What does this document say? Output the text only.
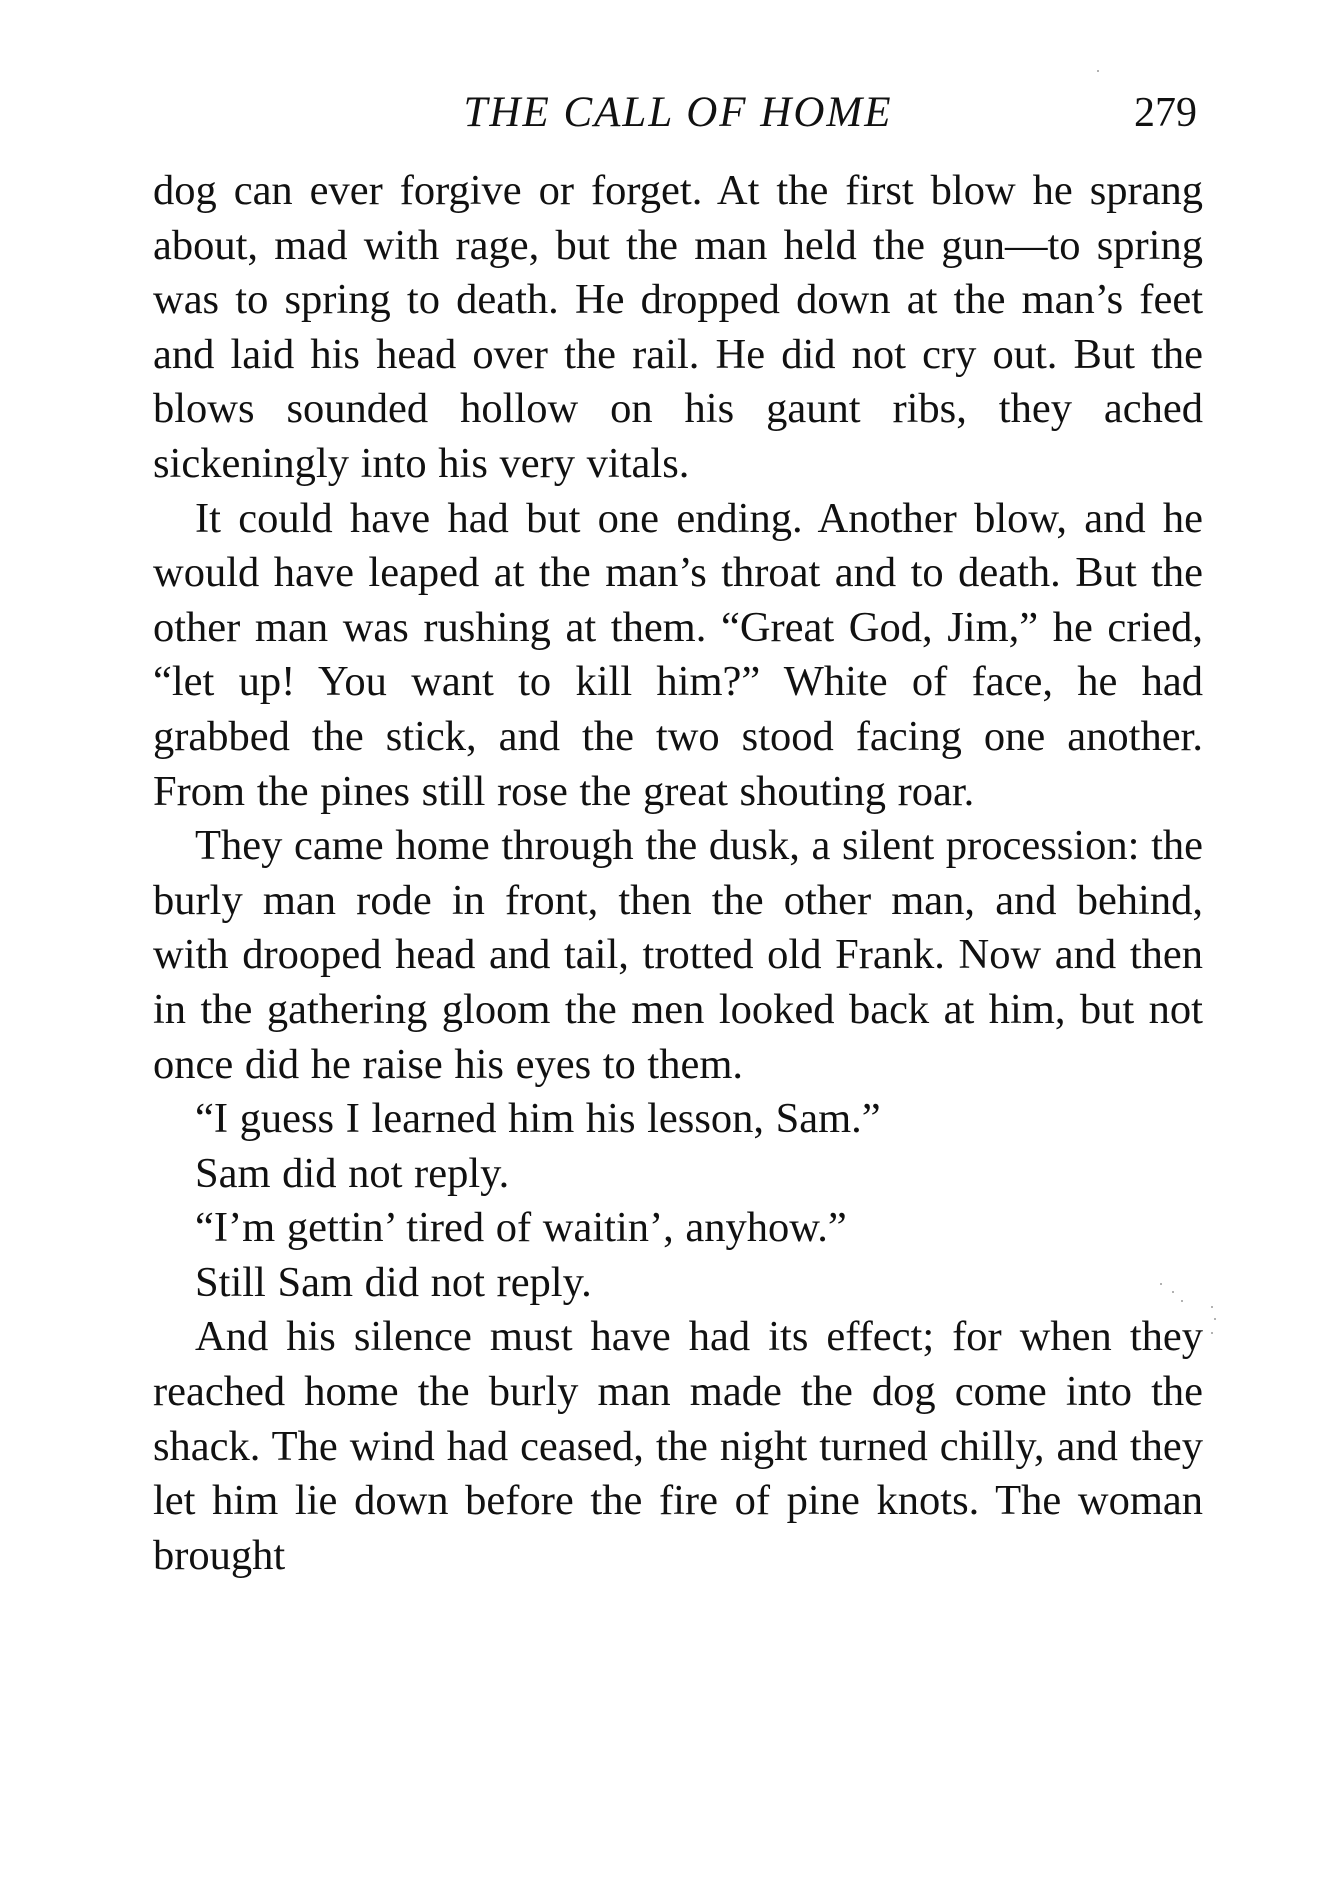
THE CALL OF HOME	279

dog can ever forgive or forget. At the first blow he sprang about, mad with rage, but the man held the gun—to spring was to spring to death. He dropped down at the man’s feet and laid his head over the rail. He did not cry out. But the blows sounded hollow on his gaunt ribs, they ached sickeningly into his very vitals.

It could have had but one ending. Another blow, and he would have leaped at the man’s throat and to death. But the other man was rushing at them. “Great God, Jim,” he cried, “let up! You want to kill him?” White of face, he had grabbed the stick, and the two stood facing one another. From the pines still rose the great shouting roar.

They came home through the dusk, a silent procession: the burly man rode in front, then the other man, and behind, with drooped head and tail, trotted old Frank. Now and then in the gathering gloom the men looked back at him, but not once did he raise his eyes to them.

“I guess I learned him his lesson, Sam.”

Sam did not reply.

“I’m gettin’ tired of waitin’, anyhow.”

Still Sam did not reply.

And his silence must have had its effect; for when they reached home the burly man made the dog come into the shack. The wind had ceased, the night turned chilly, and they let him lie down before the fire of pine knots. The woman brought
